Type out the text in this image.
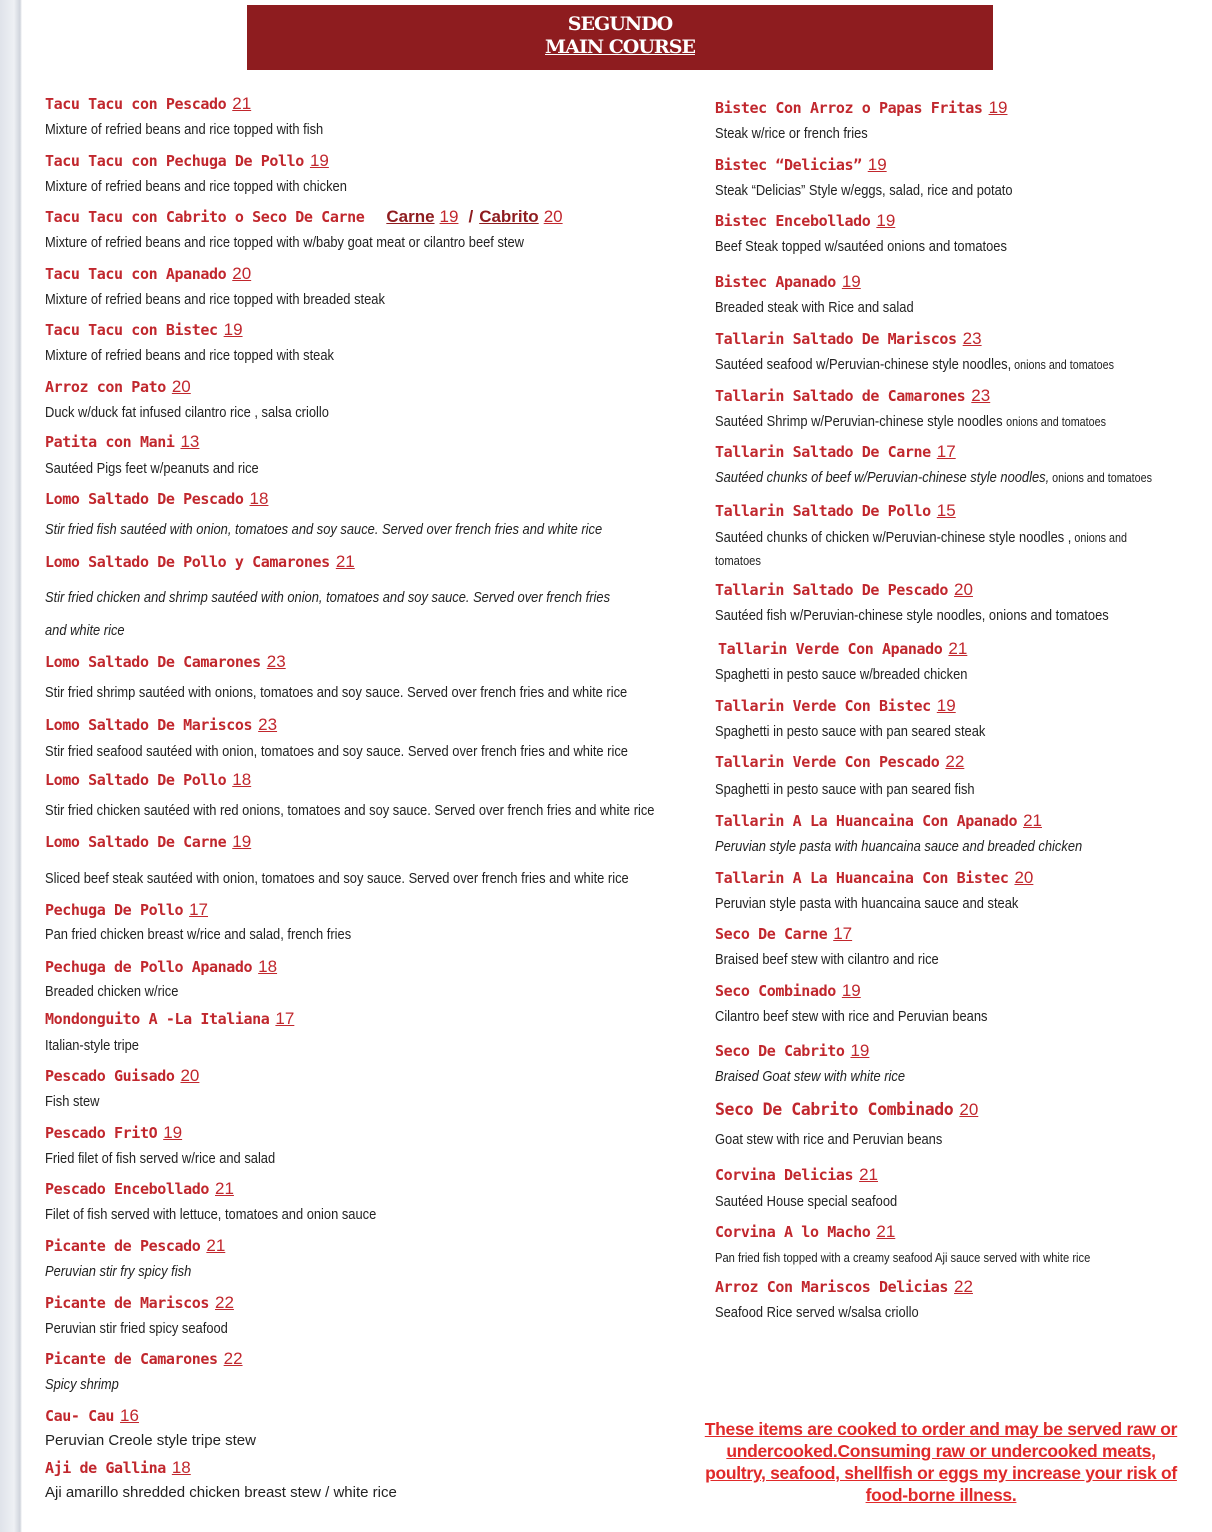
SEGUNDO
MAIN COURSE
Tacu Tacu con Pescado 21
Mixture of refried beans and rice topped with fish
Tacu Tacu con Pechuga De Pollo 19
Mixture of refried beans and rice topped with chicken
Tacu Tacu con Cabrito o Seco De Carne Carne 19 / Cabrito 20
Mixture of refried beans and rice topped with w/baby goat meat or cilantro beef stew
Tacu Tacu con Apanado 20
Mixture of refried beans and rice topped with breaded steak
Tacu Tacu con Bistec 19
Mixture of refried beans and rice topped with steak
Arroz con Pato 20
Duck w/duck fat infused cilantro rice , salsa criollo
Patita con Mani 13
Sautéed Pigs feet w/peanuts and rice
Lomo Saltado De Pescado 18
Stir fried fish sautéed with onion, tomatoes and soy sauce. Served over french fries and white rice
Lomo Saltado De Pollo y Camarones 21
Stir fried chicken and shrimp sautéed with onion, tomatoes and soy sauce. Served over french fries
and white rice
Lomo Saltado De Camarones 23
Stir fried shrimp sautéed with onions, tomatoes and soy sauce. Served over french fries and white rice
Lomo Saltado De Mariscos 23
Stir fried seafood sautéed with onion, tomatoes and soy sauce. Served over french fries and white rice
Lomo Saltado De Pollo 18
Stir fried chicken sautéed with red onions, tomatoes and soy sauce. Served over french fries and white rice
Lomo Saltado De Carne 19
Sliced beef steak sautéed with onion, tomatoes and soy sauce. Served over french fries and white rice
Pechuga De Pollo 17
Pan fried chicken breast w/rice and salad, french fries
Pechuga de Pollo Apanado 18
Breaded chicken w/rice
Mondonguito A -La Italiana 17
Italian-style tripe
Pescado Guisado 20
Fish stew
Pescado FritO 19
Fried filet of fish served w/rice and salad
Pescado Encebollado 21
Filet of fish served with lettuce, tomatoes and onion sauce
Picante de Pescado 21
Peruvian stir fry spicy fish
Picante de Mariscos 22
Peruvian stir fried spicy seafood
Picante de Camarones 22
Spicy shrimp
Cau- Cau 16
Peruvian Creole style tripe stew
Aji de Gallina 18
Aji amarillo shredded chicken breast stew / white rice
Bistec Con Arroz o Papas Fritas 19
Steak w/rice or french fries
Bistec “Delicias” 19
Steak “Delicias” Style w/eggs, salad, rice and potato
Bistec Encebollado 19
Beef Steak topped w/sautéed onions and tomatoes
Bistec Apanado 19
Breaded steak with Rice and salad
Tallarin Saltado De Mariscos 23
Sautéed seafood w/Peruvian-chinese style noodles, onions and tomatoes
Tallarin Saltado de Camarones 23
Sautéed Shrimp w/Peruvian-chinese style noodles onions and tomatoes
Tallarin Saltado De Carne 17
Sautéed chunks of beef w/Peruvian-chinese style noodles, onions and tomatoes
Tallarin Saltado De Pollo 15
Sautéed chunks of chicken w/Peruvian-chinese style noodles , onions and
tomatoes
Tallarin Saltado De Pescado 20
Sautéed fish w/Peruvian-chinese style noodles, onions and tomatoes
Tallarin Verde Con Apanado 21
Spaghetti in pesto sauce w/breaded chicken
Tallarin Verde Con Bistec 19
Spaghetti in pesto sauce with pan seared steak
Tallarin Verde Con Pescado 22
Spaghetti in pesto sauce with pan seared fish
Tallarin A La Huancaina Con Apanado 21
Peruvian style pasta with huancaina sauce and breaded chicken
Tallarin A La Huancaina Con Bistec 20
Peruvian style pasta with huancaina sauce and steak
Seco De Carne 17
Braised beef stew with cilantro and rice
Seco Combinado 19
Cilantro beef stew with rice and Peruvian beans
Seco De Cabrito 19
Braised Goat stew with white rice
Seco De Cabrito Combinado 20
Goat stew with rice and Peruvian beans
Corvina Delicias 21
Sautéed House special seafood
Corvina A lo Macho 21
Pan fried fish topped with a creamy seafood Aji sauce served with white rice
Arroz Con Mariscos Delicias 22
Seafood Rice served w/salsa criollo
These items are cooked to order and may be served raw or undercooked.Consuming raw or undercooked meats, poultry, seafood, shellfish or eggs my increase your risk of food-borne illness.
